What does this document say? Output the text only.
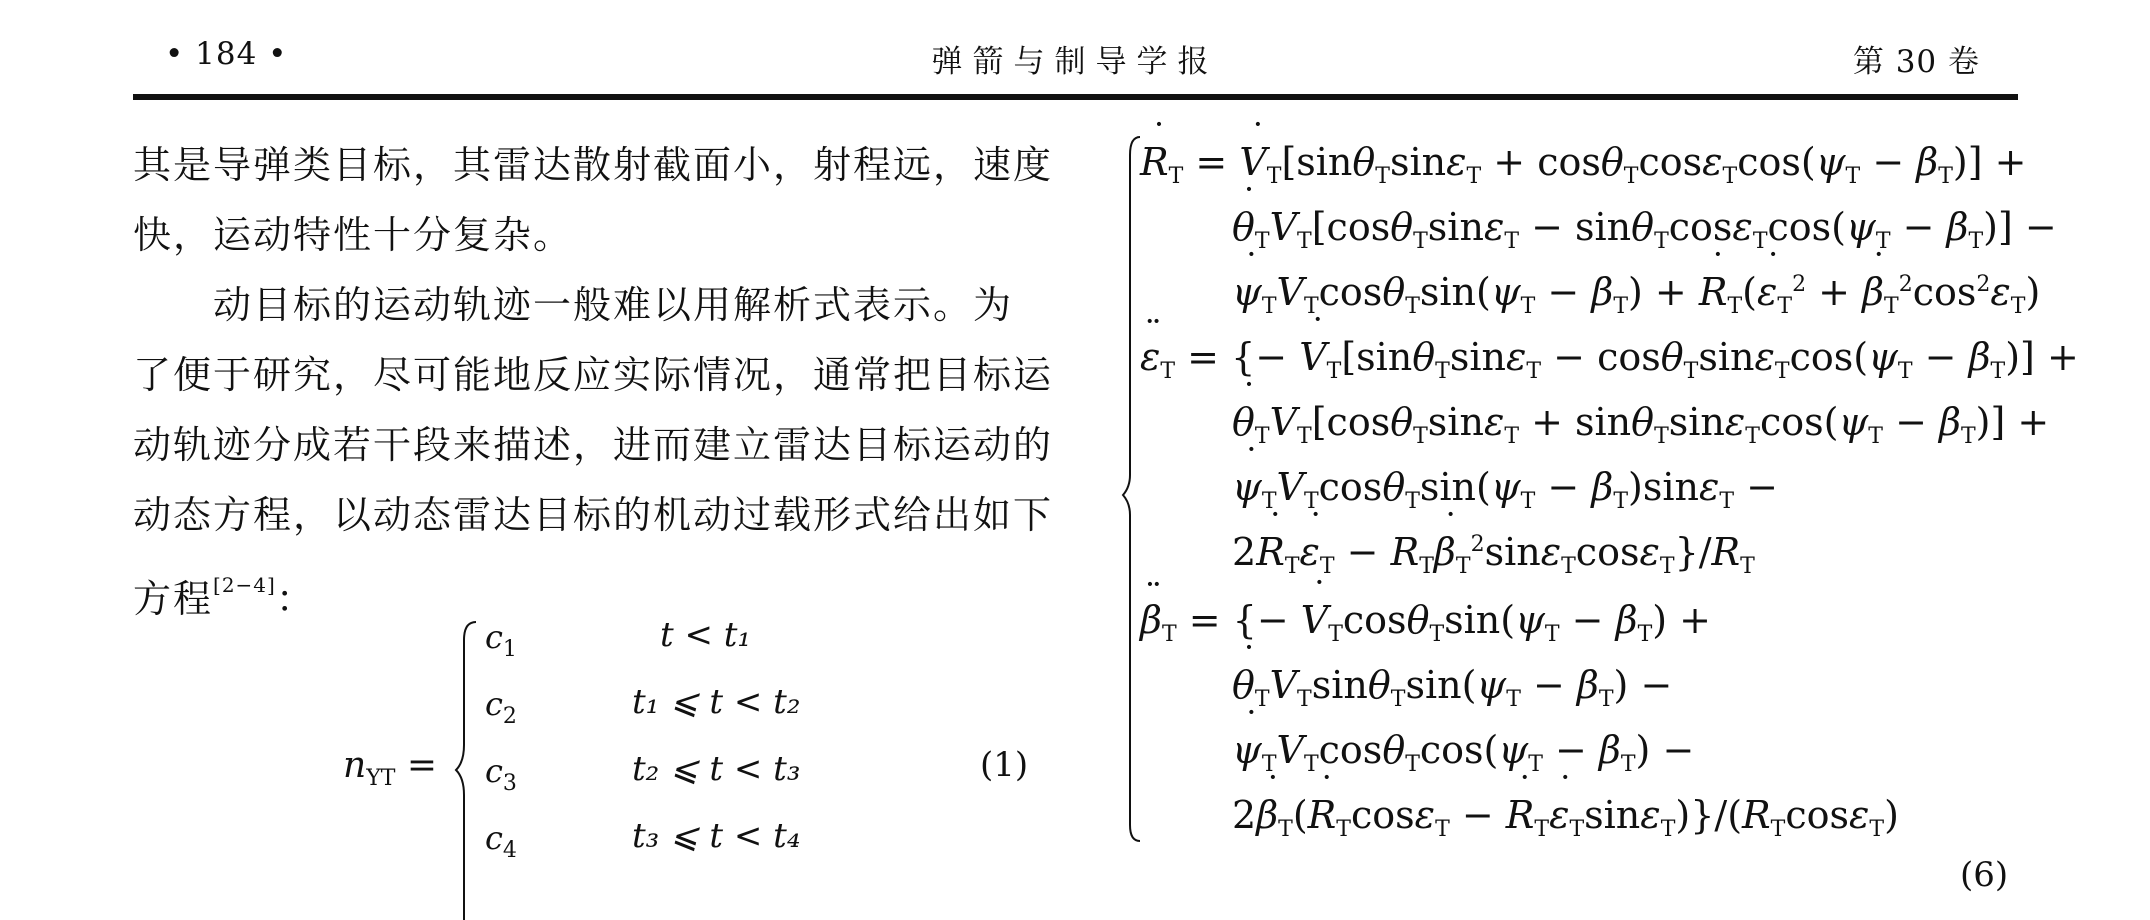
• 184 •	弹箭与制导学报	第 30 卷
其是导弹类目标，其雷达散射截面小，射程远，速度
快，运动特性十分复杂。
动目标的运动轨迹一般难以用解析式表示。为
了便于研究，尽可能地反应实际情况，通常把目标运
动轨迹分成若干段来描述，进而建立雷达目标运动的
动态方程，以动态雷达目标的机动过载形式给出如下
方程[2−4]：
$n_{YT}$ =
$c_1$	t < t₁
$c_2$	t₁ ⩽ t < t₂
$c_3$	t₂ ⩽ t < t₃
$c_4$	t₃ ⩽ t < t₄
(1)
˙ $R_T$ = ˙ $V_T[\sin\theta_T\sin\varepsilon_T + \cos\theta_T\cos\varepsilon_T\cos(\psi_T - \beta_T)]$ +
˙ $\theta_TV_T[\cos\theta_T\sin\varepsilon_T - \sin\theta_T\cos\varepsilon_T\cos(\psi_T - \beta_T)]$ −
˙ $\psi_TV_T\cos\theta_T\sin(\psi_T - \beta_T)$ + ˙ $R_T(˙$ $\varepsilon_T^2$ + ˙ $\beta_T^2\cos^2\varepsilon_T$)
¨ $\varepsilon_T$ = {− ˙ $V_T[\sin\theta_T\sin\varepsilon_T - \cos\theta_T\sin\varepsilon_T\cos(\psi_T - \beta_T)]$ +
˙ $\theta_TV_T[\cos\theta_T\sin\varepsilon_T + \sin\theta_T\sin\varepsilon_T\cos(\psi_T - \beta_T)]$ +
˙ $\psi_TV_T\cos\theta_T\sin(\psi_T - \beta_T)\sin\varepsilon_T$ −
2˙ $R_T˙$ $\varepsilon_T$ − $R_T˙$ $\beta_T^2\sin\varepsilon_T\cos\varepsilon_T\}/R_T$
¨ $\beta_T$ = {− ˙ $V_T\cos\theta_T\sin(\psi_T - \beta_T)$ +
˙ $\theta_TV_T\sin\theta_T\sin(\psi_T - \beta_T)$ −
˙ $\psi_TV_T\cos\theta_T\cos(\psi_T - \beta_T)$ −
2˙ $\beta_T(˙$ $R_T\cos\varepsilon_T$ − ˙ $R_T˙$ $\varepsilon_T\sin\varepsilon_T)\}/(R_T\cos\varepsilon_T)$
(6)
